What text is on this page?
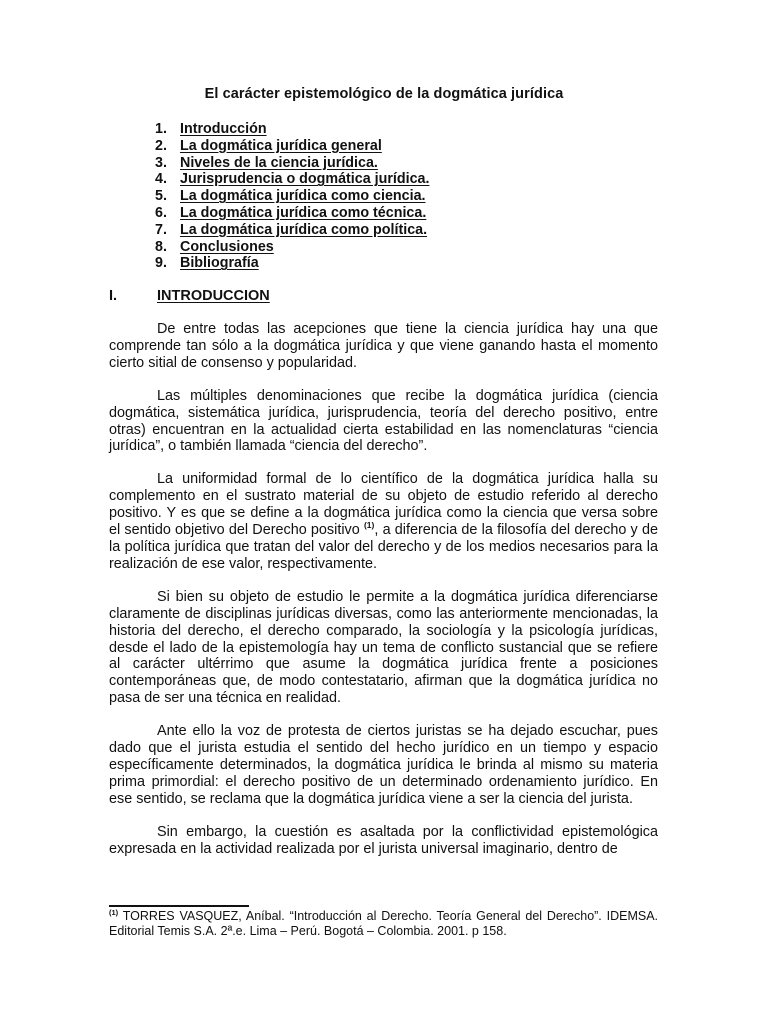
El carácter epistemológico de la dogmática jurídica
1. Introducción
2. La dogmática jurídica general
3. Niveles de la ciencia jurídica.
4. Jurisprudencia o dogmática jurídica.
5. La dogmática jurídica como ciencia.
6. La dogmática jurídica como técnica.
7. La dogmática jurídica como política.
8. Conclusiones
9. Bibliografía
I.	INTRODUCCION

De entre todas las acepciones que tiene la ciencia jurídica hay una que comprende tan sólo a la dogmática jurídica y que viene ganando hasta el momento cierto sitial de consenso y popularidad.

Las múltiples denominaciones que recibe la dogmática jurídica (ciencia dogmática, sistemática jurídica, jurisprudencia, teoría del derecho positivo, entre otras) encuentran en la actualidad cierta estabilidad en las nomenclaturas “ciencia jurídica”, o también llamada “ciencia del derecho”.

La uniformidad formal de lo científico de la dogmática jurídica halla su complemento en el sustrato material de su objeto de estudio referido al derecho positivo. Y es que se define a la dogmática jurídica como la ciencia que versa sobre el sentido objetivo del Derecho positivo $^{(1)}$, a diferencia de la filosofía del derecho y de la política jurídica que tratan del valor del derecho y de los medios necesarios para la realización de ese valor, respectivamente.

Si bien su objeto de estudio le permite a la dogmática jurídica diferenciarse claramente de disciplinas jurídicas diversas, como las anteriormente mencionadas, la historia del derecho, el derecho comparado, la sociología y la psicología jurídicas, desde el lado de la epistemología hay un tema de conflicto sustancial que se refiere al carácter ultérrimo que asume la dogmática jurídica frente a posiciones contemporáneas que, de modo contestatario, afirman que la dogmática jurídica no pasa de ser una técnica en realidad.

Ante ello la voz de protesta de ciertos juristas se ha dejado escuchar, pues dado que el jurista estudia el sentido del hecho jurídico en un tiempo y espacio específicamente determinados, la dogmática jurídica le brinda al mismo su materia prima primordial: el derecho positivo de un determinado ordenamiento jurídico. En ese sentido, se reclama que la dogmática jurídica viene a ser la ciencia del jurista.

Sin embargo, la cuestión es asaltada por la conflictividad epistemológica expresada en la actividad realizada por el jurista universal imaginario, dentro de

$^{(1)}$ TORRES VASQUEZ, Aníbal. “Introducción al Derecho. Teoría General del Derecho”. IDEMSA. Editorial Temis S.A. 2ª.e. Lima – Perú. Bogotá – Colombia. 2001. p 158.
